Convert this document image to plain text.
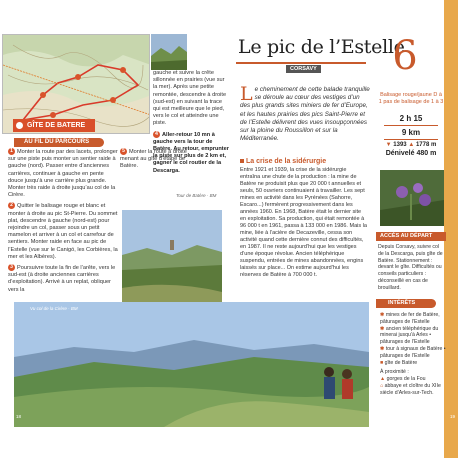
GÎTE DE BATERE
gauche et suivre la crête sillonnée en prairies (vue sur la mer). Après une petite remontée, descendre à droite (sud-est) en suivant la trace qui est meilleure que le pied, vers le col et atteindre une piste.
4 Aller-retour 10 mn à gauche vers la tour de Batère. Au retour, emprunter la piste sur plus de 2 km et, gagner le col routier de la Descarga.
AU FIL DU PARCOURS
1 Monter la route par des lacets, prolonger sur une piste puis monter un sentier raide à gauche (nord). Passer entre d’anciennes carrières, continuer à gauche en pente douce jusqu’à une carrière plus grande. Monter très raide à droite jusqu’au col de la Cirère.
2 Quitter le balisage rouge et blanc et monter à droite au pic St-Pierre. Du sommet plat, descendre à gauche (nord-est) pour rejoindre un col, passer sous un petit mamelon et arriver à un col et carrefour de sentiers. Monter raide en face au pic de l’Estelle (vue sur le Canigó, les Corbières, la mer et les Albères).
3 Poursuivre toute la fin de l’arête, vers le sud-est (à droite anciennes carrières d’exploitation). Arrivé à un replat, obliquer vers la
5 Monter la route à droite menant au gîte d’étape de Batère.
Tour de Batère · BM
Vu col de la Cirère · BM
Le pic de l’Estelle
CORSAVY	6
Le cheminement de cette balade tranquille se déroule au cœur des vestiges d’un des plus grands sites miniers de fer d’Europe, et les hautes prairies des pics Saint-Pierre et de l’Estelle délivrent des vues insoupçonnées sur la ploine du Roussillon et sur la Méditerranée.
Balisage rouge/jaune D à 1 pas de balisage de 1 à 3
2 h 15
9 km
▼ 1393 ▲ 1778 m
Dénivelé 480 m
La crise de la sidérurgie
Entre 1921 et 1939, la crise de la sidérurgie entraîna une chute de la production : la mine de Batère ne produisit plus que 20 000 t annuelles et seuls, 50 ouvriers continuaient à travailler. Les sept mines en activité dans les Pyrénées (Sahorre, Escaro...) fermèrent progressivement dans les années 1960. En 1968, Batère était le dernier site en exploitation. Sa production, qui était remontée à 96 000 t en 1961, passa à 133 000 en 1986. Mais la mine, liée à l’acière de Decazeville, cessa son activité quand cette dernière connut des difficultés, en 1987. Il ne reste aujourd’hui que les vestiges d’une époque révolue. Ancien téléphérique suspendu, entrées de mines abandonnées, engins laissés sur place... On estime aujourd’hui les réserves de Batère à 700 000 t.
ACCÈS AU DÉPART
Depuis Corsavy, suivre col de la Descarga, puis gîte de Batère. Stationnement : devant le gîte. Difficultés ou conseils particuliers : déconseillé en cas de brouillard.
INTÉRÊTS
✱ mines de fer de Batère, pâturages de l’Estelle
✱ ancien téléphérique du minerai jusqu’à Arles • pâturages de l’Estelle
✱ tour à signaux de Batère • pâturages de l’Estelle
■ gîte de Batère
À proximité :
▲ gorges de la Fou
⌂ abbaye et cloître du XIIe siècle d’Arles-sur-Tech.
18	19
